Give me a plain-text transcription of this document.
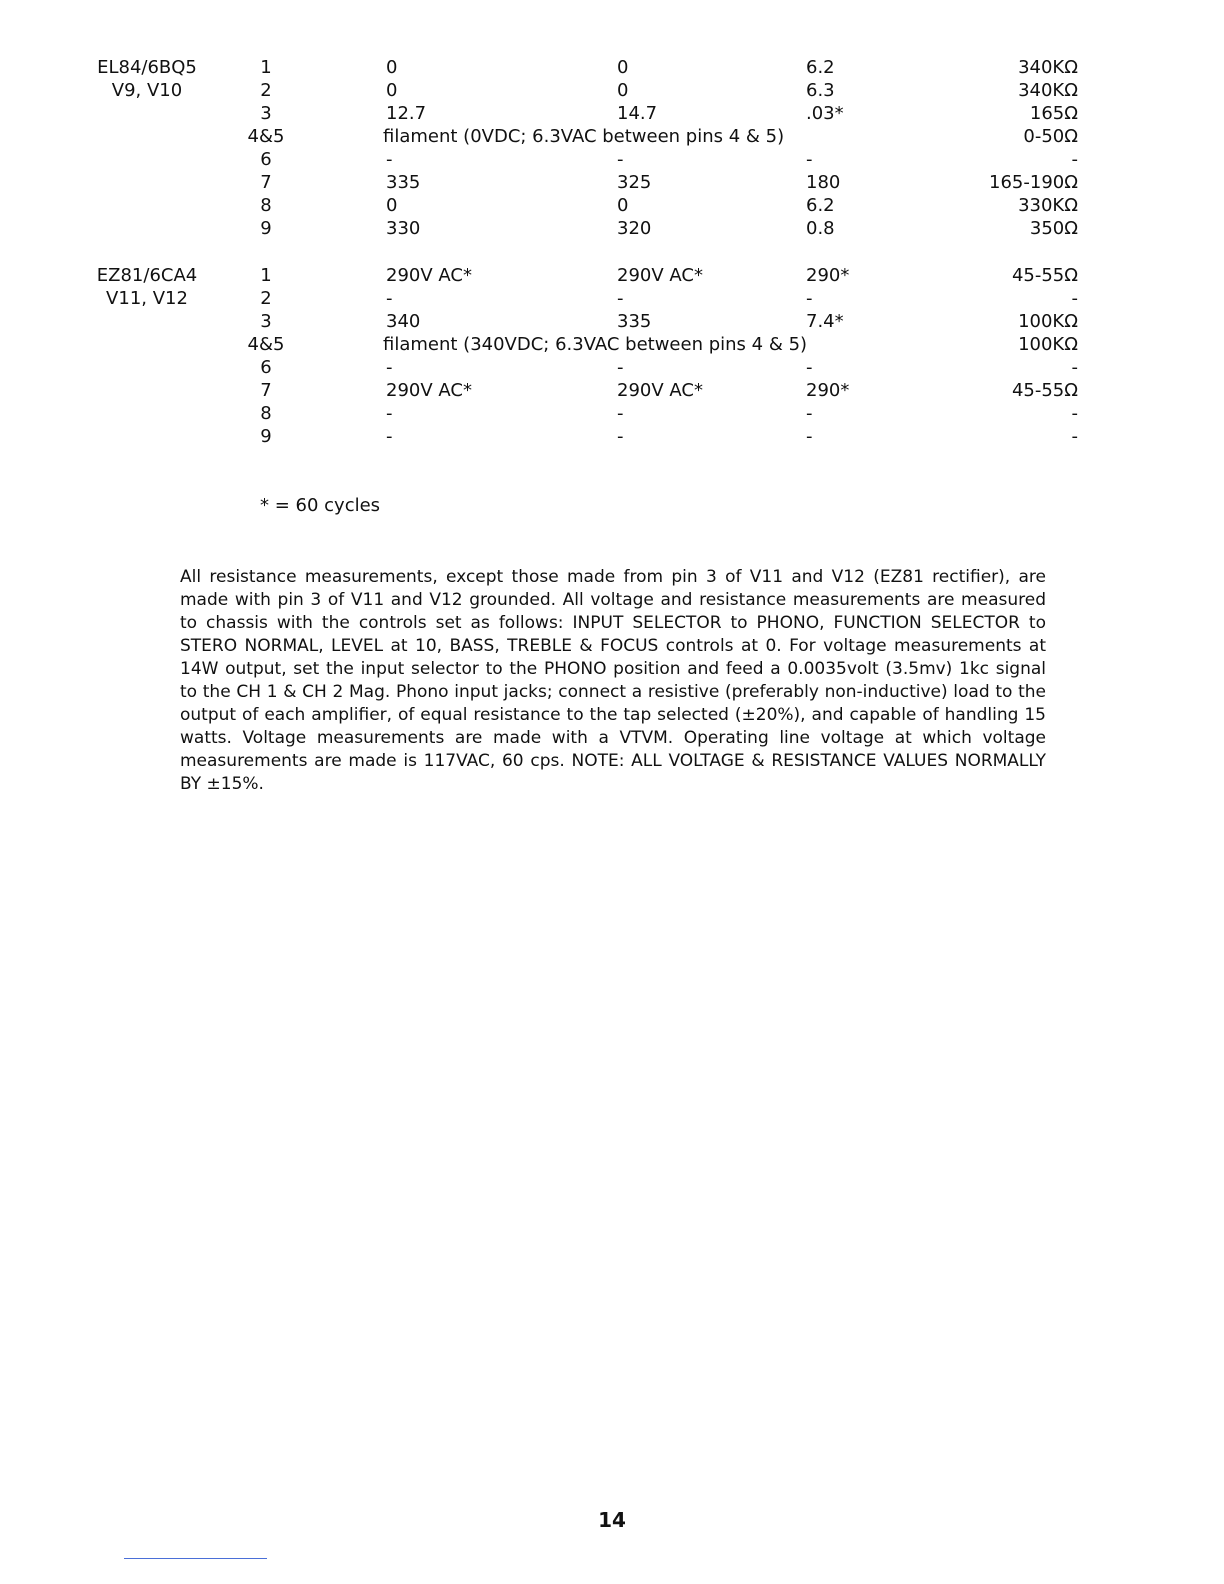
EL84/6BQ5
V9, V10
1	0	0	6.2	340KΩ
2	0	0	6.3	340KΩ
3	12.7	14.7	.03*	165Ω
4&5	filament (0VDC; 6.3VAC between pins 4 & 5)	0-50Ω
6	-	-	-	-
7	335	325	180	165-190Ω
8	0	0	6.2	330KΩ
9	330	320	0.8	350Ω
EZ81/6CA4
V11, V12
1	290V AC*	290V AC*	290*	45-55Ω
2	-	-	-	-
3	340	335	7.4*	100KΩ
4&5	filament (340VDC; 6.3VAC between pins 4 & 5)	100KΩ
6	-	-	-	-
7	290V AC*	290V AC*	290*	45-55Ω
8	-	-	-	-
9	-	-	-	-
* = 60 cycles

All resistance measurements, except those made from pin 3 of V11 and V12 (EZ81 rectifier), are made with pin 3 of V11 and V12 grounded. All voltage and resistance measurements are measured to chassis with the controls set as follows: INPUT SELECTOR to PHONO, FUNCTION SELECTOR to STERO NORMAL, LEVEL at 10, BASS, TREBLE & FOCUS controls at 0. For voltage measurements at 14W output, set the input selector to the PHONO position and feed a 0.0035volt (3.5mv) 1kc signal to the CH 1 & CH 2 Mag. Phono input jacks; connect a resistive (preferably non-inductive) load to the output of each amplifier, of equal resistance to the tap selected (±20%), and capable of handling 15 watts. Voltage measurements are made with a VTVM. Operating line voltage at which voltage measurements are made is 117VAC, 60 cps. NOTE: ALL VOLTAGE & RESISTANCE VALUES NORMALLY BY ±15%.

14
